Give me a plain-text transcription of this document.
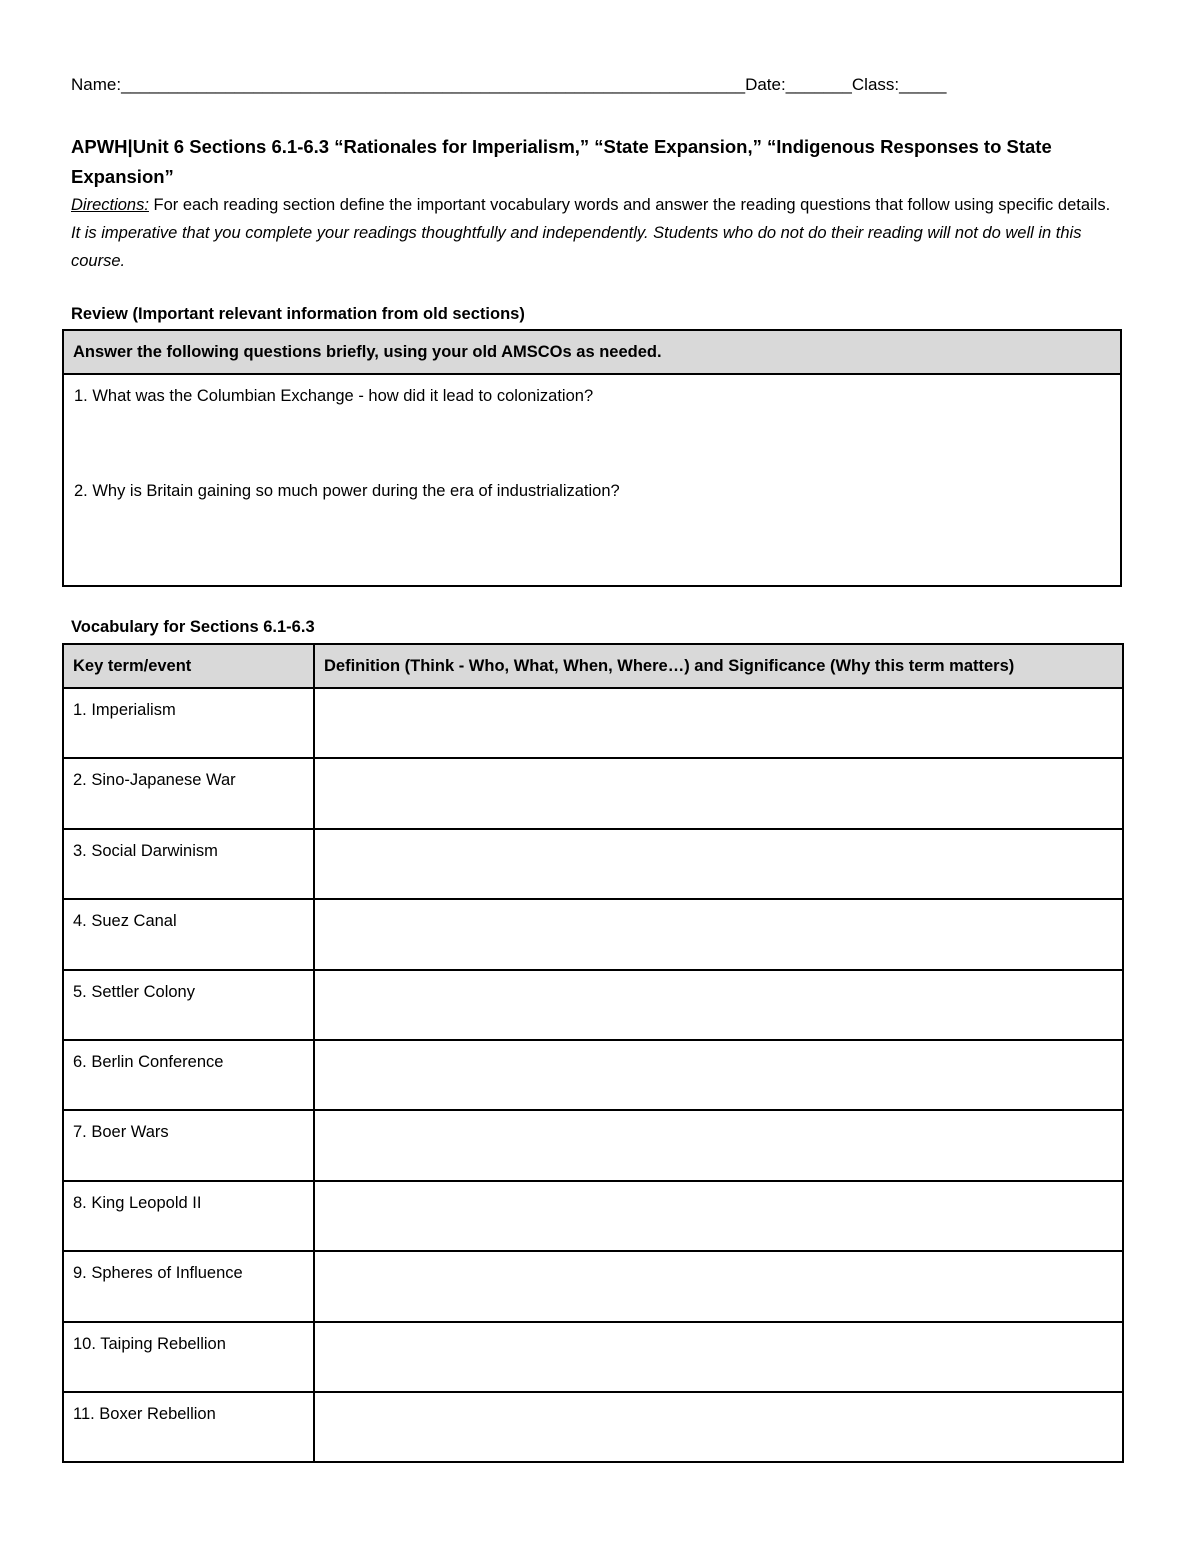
Name:__________________________________________________________________Date:_______Class:_____
APWH|Unit 6 Sections 6.1-6.3 “Rationales for Imperialism,” “State Expansion,” “Indigenous Responses to State Expansion”
Directions: For each reading section define the important vocabulary words and answer the reading questions that follow using specific details. It is imperative that you complete your readings thoughtfully and independently. Students who do not do their reading will not do well in this course.
Review (Important relevant information from old sections)
Answer the following questions briefly, using your old AMSCOs as needed.

1. What was the Columbian Exchange - how did it lead to colonization?
2. Why is Britain gaining so much power during the era of industrialization?
Vocabulary for Sections 6.1-6.3
Key term/event	Definition (Think - Who, What, When, Where…) and Significance (Why this term matters)
1. Imperialism	
2. Sino-Japanese War	
3. Social Darwinism	
4. Suez Canal	
5. Settler Colony	
6. Berlin Conference	
7. Boer Wars	
8. King Leopold II	
9. Spheres of Influence	
10. Taiping Rebellion	
11. Boxer Rebellion	
